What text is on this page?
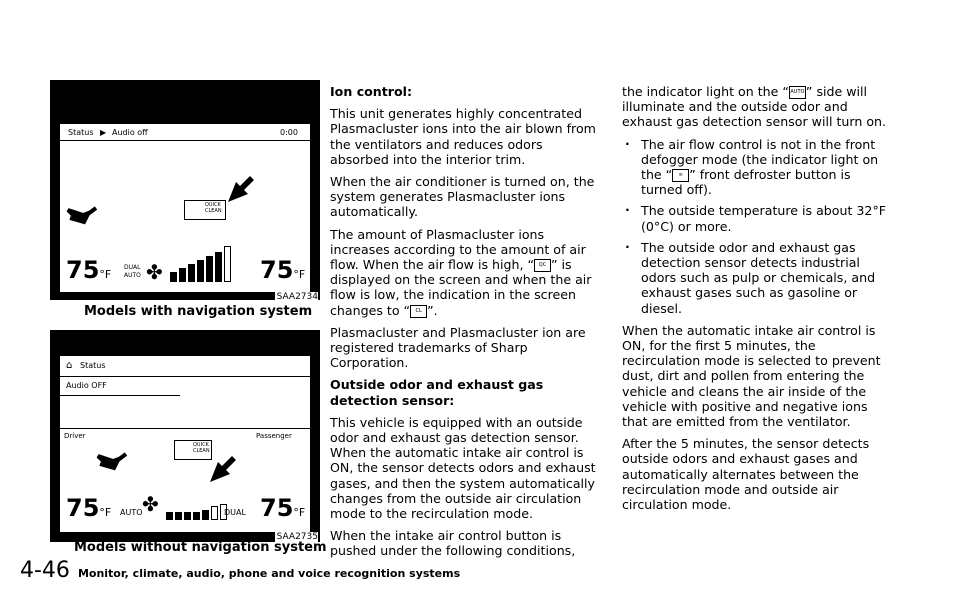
Status ▶ Audio off	0:00
QUICK CLEAN
75°F
DUAL
AUTO ✤	75°F
SAA2734
Models with navigation system
⌂ Status
Audio OFF
Driver	Passenger
QUICK CLEAN
75°F AUTO ✤	DUAL 75°F
SAA2735
Models without navigation system

Ion control:

This unit generates highly concentrated Plasmacluster ions into the air blown from the ventilators and reduces odors absorbed into the interior trim.

When the air conditioner is turned on, the system generates Plasmacluster ions automatically.

The amount of Plasmacluster ions increases according to the amount of air flow. When the air flow is high, “ QC ” is displayed on the screen and when the air flow is low, the indication in the screen changes to “ CL ”.

Plasmacluster and Plasmacluster ion are registered trademarks of Sharp Corporation.

Outside odor and exhaust gas detection sensor:

This vehicle is equipped with an outside odor and exhaust gas detection sensor. When the automatic intake air control is ON, the sensor detects odors and exhaust gases, and then the system automatically changes from the outside air circulation mode to the recirculation mode.

When the intake air control button is pushed under the following conditions,

the indicator light on the “AUTO” side will illuminate and the outside odor and exhaust gas detection sensor will turn on.

. The air flow control is not in the front defogger mode (the indicator light on the “ ≋ ” front defroster button is turned off).
. The outside temperature is about 32°F (0°C) or more.
. The outside odor and exhaust gas detection sensor detects industrial odors such as pulp or chemicals, and exhaust gases such as gasoline or diesel.

When the automatic intake air control is ON, for the first 5 minutes, the recirculation mode is selected to prevent dust, dirt and pollen from entering the vehicle and cleans the air inside of the vehicle with positive and negative ions that are emitted from the ventilator.

After the 5 minutes, the sensor detects outside odors and exhaust gases and automatically alternates between the recirculation mode and outside air circulation mode.

4-46 Monitor, climate, audio, phone and voice recognition systems
